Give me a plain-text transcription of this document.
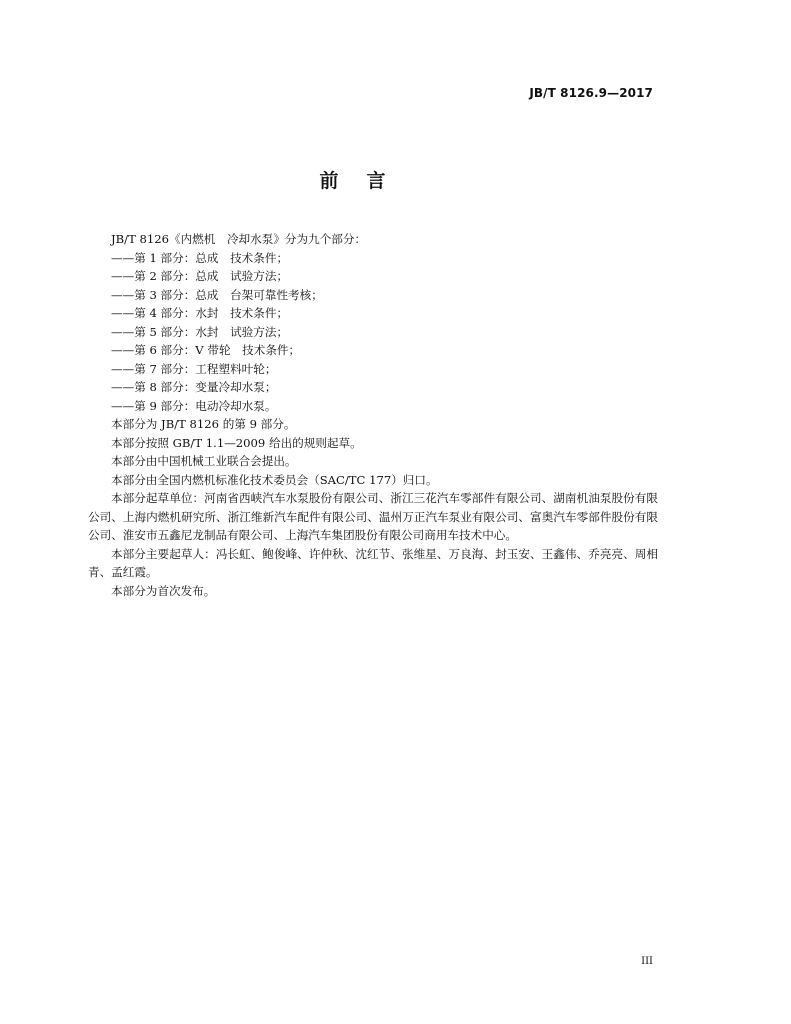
JB/T 8126.9—2017
前言

JB/T 8126《内燃机　冷却水泵》分为九个部分：

——第 1 部分：总成　技术条件；

——第 2 部分：总成　试验方法；

——第 3 部分：总成　台架可靠性考核；

——第 4 部分：水封　技术条件；

——第 5 部分：水封　试验方法；

——第 6 部分：V 带轮　技术条件；

——第 7 部分：工程塑料叶轮；

——第 8 部分：变量冷却水泵；

——第 9 部分：电动冷却水泵。

本部分为 JB/T 8126 的第 9 部分。

本部分按照 GB/T 1.1—2009 给出的规则起草。

本部分由中国机械工业联合会提出。

本部分由全国内燃机标准化技术委员会（SAC/TC 177）归口。

本部分起草单位：河南省西峡汽车水泵股份有限公司、浙江三花汽车零部件有限公司、湖南机油泵股份有限公司、上海内燃机研究所、浙江维新汽车配件有限公司、温州万正汽车泵业有限公司、富奥汽车零部件股份有限公司、淮安市五鑫尼龙制品有限公司、上海汽车集团股份有限公司商用车技术中心。

本部分主要起草人：冯长虹、鲍俊峰、许仲秋、沈红节、张维星、万良海、封玉安、王鑫伟、乔亮亮、周相青、孟红霞。

本部分为首次发布。

III
